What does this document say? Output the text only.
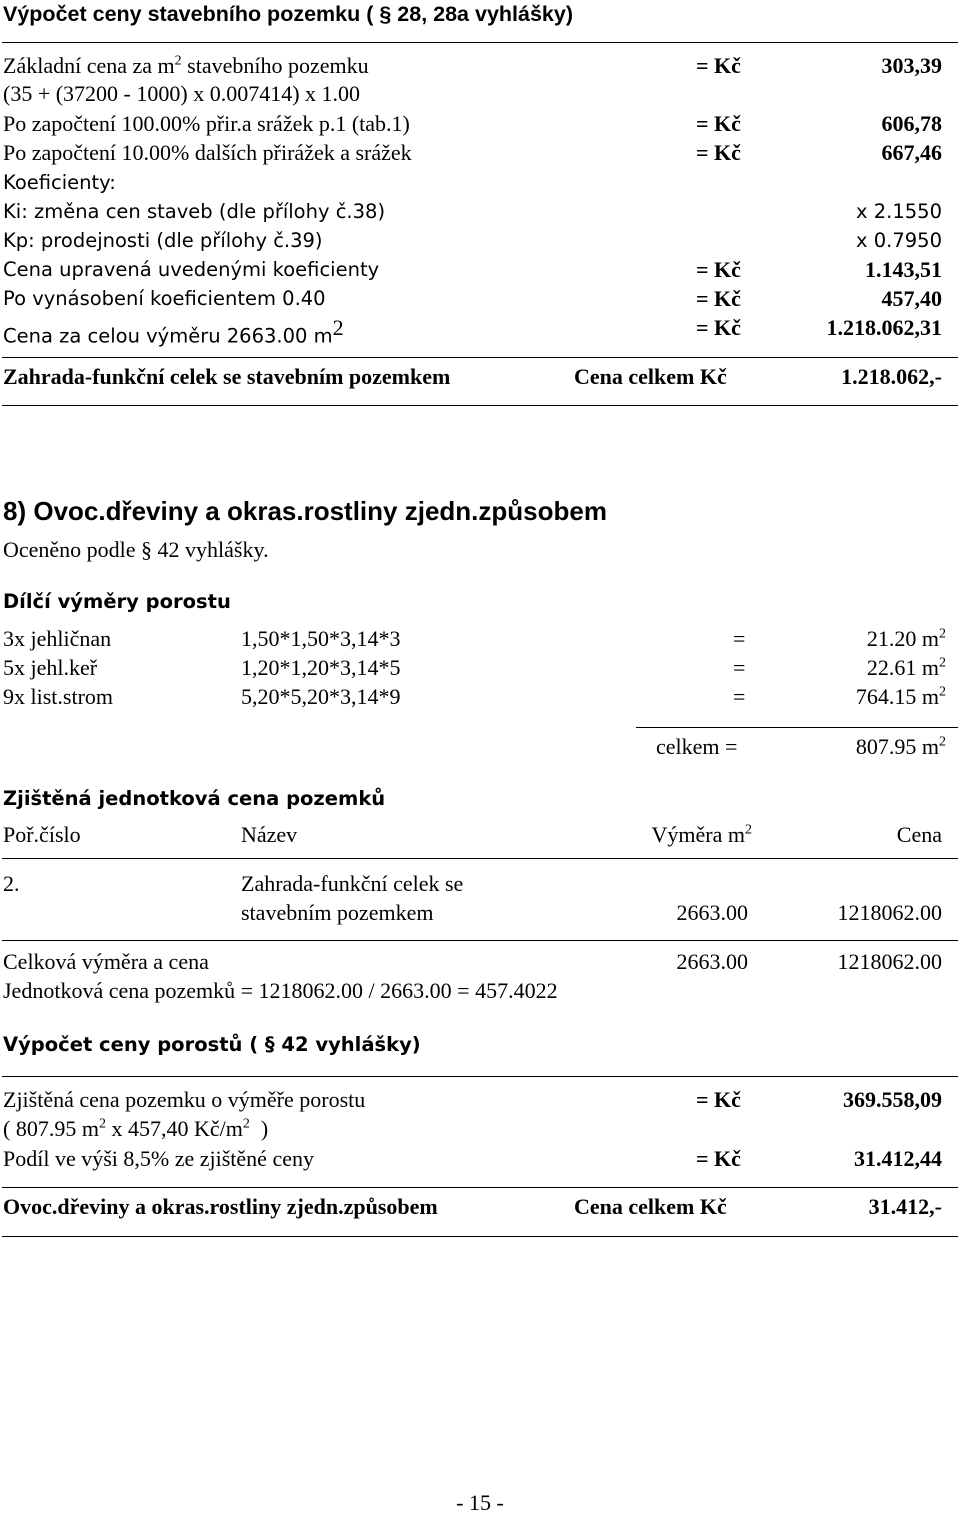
Výpočet ceny stavebního pozemku ( § 28, 28a vyhlášky)
Základní cena za $m^2$ stavebního pozemku	= Kč	303,39
(35 + (37200 - 1000) x 0.007414) x 1.00
Po započtení 100.00% přir.a srážek p.1 (tab.1)	= Kč	606,78
Po započtení 10.00% dalších přirážek a srážek	= Kč	667,46
Koeficienty:
Ki: změna cen staveb (dle přílohy č.38)	x 2.1550
Kp: prodejnosti (dle přílohy č.39)	x 0.7950
Cena upravená uvedenými koeficienty	= Kč	1.143,51
Po vynásobení koeficientem 0.40	= Kč	457,40
Cena za celou výměru 2663.00 $m^2$	= Kč	1.218.062,31
Zahrada-funkční celek se stavebním pozemkem	Cena celkem Kč	1.218.062,-
8) Ovoc.dřeviny a okras.rostliny zjedn.způsobem
Oceněno podle § 42 vyhlášky.
Dílčí výměry porostu
3x jehličnan	1,50*1,50*3,14*3	=	21.20 $m^2$
5x jehl.keř	1,20*1,20*3,14*5	=	22.61 $m^2$
9x list.strom	5,20*5,20*3,14*9	=	764.15 $m^2$
celkem =	807.95 $m^2$
Zjištěná jednotková cena pozemků
Poř.číslo	Název	Výměra $m^2$	Cena
2.	Zahrada-funkční celek se
stavebním pozemkem	2663.00	1218062.00
Celková výměra a cena	2663.00	1218062.00
Jednotková cena pozemků = 1218062.00 / 2663.00 = 457.4022
Výpočet ceny porostů ( § 42 vyhlášky)
Zjištěná cena pozemku o výměře porostu	= Kč	369.558,09
( 807.95 $m^2$ x 457,40 $Kč/m^2$  )
Podíl ve výši 8,5% ze zjištěné ceny	= Kč	31.412,44
Ovoc.dřeviny a okras.rostliny zjedn.způsobem	Cena celkem Kč	31.412,-
- 15 -
